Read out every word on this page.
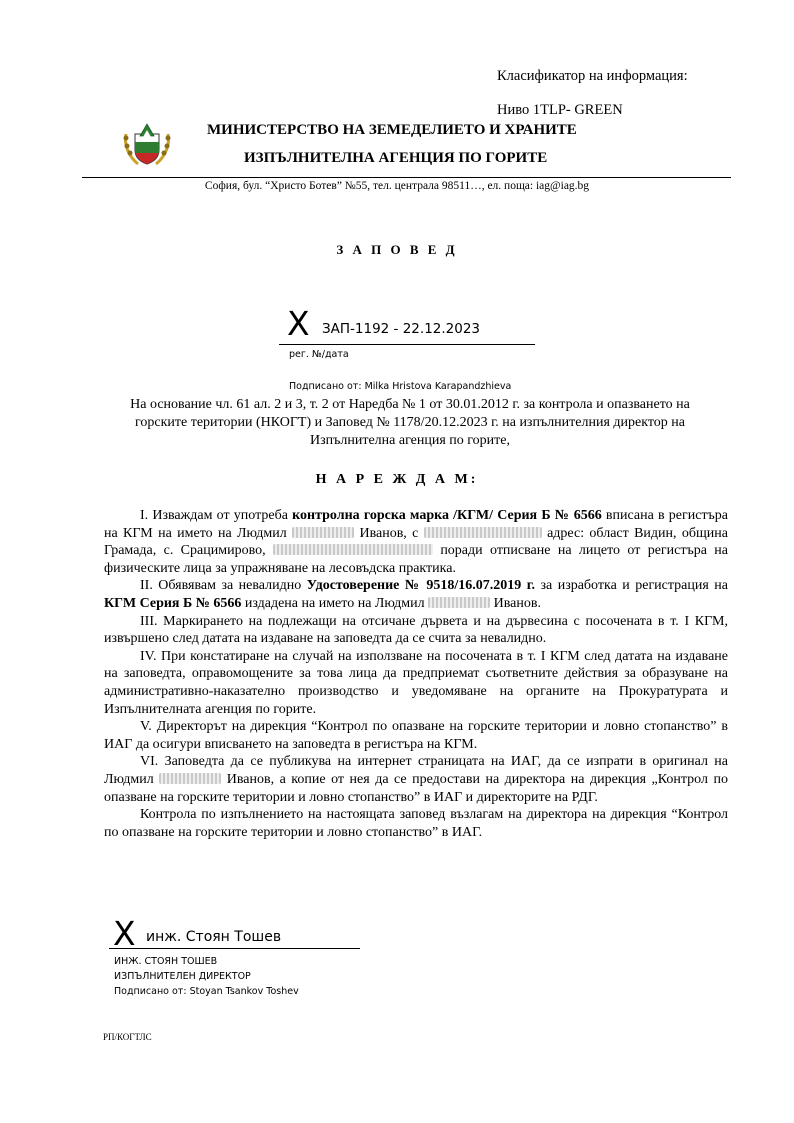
Класификатор на информация:
Ниво 1TLP- GREEN
МИНИСТЕРСТВО НА ЗЕМЕДЕЛИЕТО И ХРАНИТЕ
ИЗПЪЛНИТЕЛНА АГЕНЦИЯ ПО ГОРИТЕ
София, бул. “Христо Ботев” №55, тел. централа 98511…, ел. поща: iag@iag.bg
З А П О В Е Д
X ЗАП-1192 - 22.12.2023
рег. №/дата
Подписано от: Milka Hristova Karapandzhieva
На основание чл. 61 ал. 2 и 3, т. 2 от Наредба № 1 от 30.01.2012 г. за контрола и опазването на горските територии (НКОГТ) и Заповед № 1178/20.12.2023 г. на изпълнителния директор на Изпълнителна агенция по горите,
Н А Р Е Ж Д А М:

I. Изваждам от употреба контролна горска марка /КГМ/ Серия Б № 6566 вписана в регистъра на КГМ на името на Людмил	Иванов, с	адрес: област Видин, община Грамада, с. Срацимирово,	поради отписване на лицето от регистъра на физическите лица за упражняване на лесовъдска практика.

II. Обявявам за невалидно Удостоверение № 9518/16.07.2019 г. за изработка и регистрация на КГМ Серия Б № 6566 издадена на името на Людмил	Иванов.

III. Маркирането на подлежащи на отсичане дървета и на дървесина с посочената в т. I КГМ, извършено след датата на издаване на заповедта да се счита за невалидно.

IV. При констатиране на случай на използване на посочената в т. I КГМ след датата на издаване на заповедта, оправомощените за това лица да предприемат съответните действия за образуване на административно-наказателно производство и уведомяване на органите на Прокуратурата и Изпълнителната агенция по горите.

V. Директорът на дирекция “Контрол по опазване на горските територии и ловно стопанство” в ИАГ да осигури вписването на заповедта в регистъра на КГМ.

VI. Заповедта да се публикува на интернет страницата на ИАГ, да се изпрати в оригинал на Людмил	Иванов, а копие от нея да се предостави на директора на дирекция „Контрол по опазване на горските територии и ловно стопанство” в ИАГ и директорите на РДГ.

Контрола по изпълнението на настоящата заповед възлагам на директора на дирекция “Контрол по опазване на горските територии и ловно стопанство” в ИАГ.

X инж. Стоян Тошев
ИНЖ. СТОЯН ТОШЕВ
ИЗПЪЛНИТЕЛЕН ДИРЕКТОР
Подписано от: Stoyan Tsankov Toshev
РП/КОГТЛС
